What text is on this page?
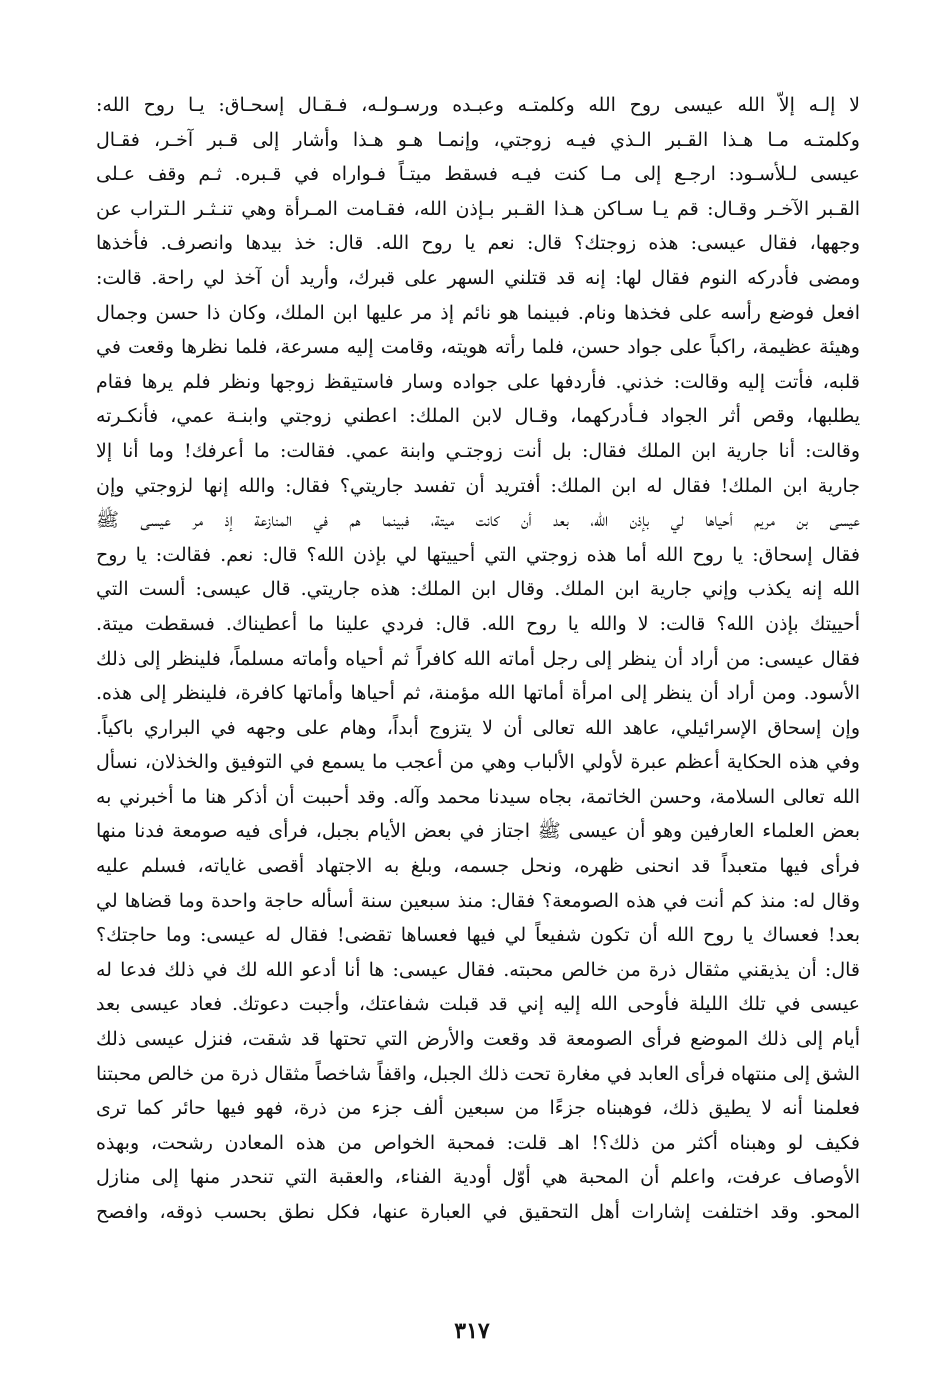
لا إلـه إلاّ الله عيسى روح الله وكلمتـه وعبـده ورسـولـه، فـقـال إسحـاق: يـا روح الله:
وكلمتـه مـا هـذا القـبر الـذي فيـه زوجتي، وإنمـا هـو هـذا وأشار إلى قـبر آخـر، فقـال
عيسى لـلأسـود: ارجـع إلى مـا كنت فيـه فسقط ميتـاً فـواراه في قـبره. ثـم وقف عـلى
القـبر الآخـر وقـال: قم يـا سـاكن هـذا القـبر بـإذن الله، فقـامت المـرأة وهي تنـثـر الـتراب عن
وجهها، فقال عيسى: هذه زوجتك؟ قال: نعم يا روح الله. قال: خذ بيدها وانصرف. فأخذها
ومضى فأدركه النوم فقال لها: إنه قد قتلني السهر على قبرك، وأريد أن آخذ لي راحة. قالت:
افعل فوضع رأسه على فخذها ونام. فبينما هو نائم إذ مر عليها ابن الملك، وكان ذا حسن وجمال
وهيئة عظيمة، راكباً على جواد حسن، فلما رأته هويته، وقامت إليه مسرعة، فلما نظرها وقعت في
قلبه، فأتت إليه وقالت: خذني. فأردفها على جواده وسار فاستيقظ زوجها ونظر فلم يرها فقام
يطلبها، وقص أثر الجواد فـأدركهما، وقـال لابن الملك: اعطني زوجتي وابنـة عمي، فأنكـرته
وقالت: أنا جارية ابن الملك فقال: بل أنت زوجتـي وابنة عمي. فقالت: ما أعرفك! وما أنا إلا
جارية ابن الملك! فقال له ابن الملك: أفتريد أن تفسد جاريتي؟ فقال: والله إنها لزوجتي وإن
عيسى بن مريم أحياها لي بإذن الله، بعد أن كانت ميتة، فبينما هم في المنازعة إذ مر عيسى ﷺ
فقال إسحاق: يا روح الله أما هذه زوجتي التي أحييتها لي بإذن الله؟ قال: نعم. فقالت: يا روح
الله إنه يكذب وإني جارية ابن الملك. وقال ابن الملك: هذه جاريتي. قال عيسى: ألست التي
أحييتك بإذن الله؟ قالت: لا والله يا روح الله. قال: فردي علينا ما أعطيناك. فسقطت ميتة.
فقال عيسى: من أراد أن ينظر إلى رجل أماته الله كافراً ثم أحياه وأماته مسلماً، فلينظر إلى ذلك
الأسود. ومن أراد أن ينظر إلى امرأة أماتها الله مؤمنة، ثم أحياها وأماتها كافرة، فلينظر إلى هذه.
وإن إسحاق الإسرائيلي، عاهد الله تعالى أن لا يتزوج أبداً، وهام على وجهه في البراري باكياً.
وفي هذه الحكاية أعظم عبرة لأولي الألباب وهي من أعجب ما يسمع في التوفيق والخذلان، نسأل
الله تعالى السلامة، وحسن الخاتمة، بجاه سيدنا محمد وآله. وقد أحببت أن أذكر هنا ما أخبرني به
بعض العلماء العارفين وهو أن عيسى ﷺ اجتاز في بعض الأيام بجبل، فرأى فيه صومعة فدنا منها
فرأى فيها متعبداً قد انحنى ظهره، ونحل جسمه، وبلغ به الاجتهاد أقصى غاياته، فسلم عليه
وقال له: منذ كم أنت في هذه الصومعة؟ فقال: منذ سبعين سنة أسأله حاجة واحدة وما قضاها لي
بعد! فعساك يا روح الله أن تكون شفيعاً لي فيها فعساها تقضى! فقال له عيسى: وما حاجتك؟
قال: أن يذيقني مثقال ذرة من خالص محبته. فقال عيسى: ها أنا أدعو الله لك في ذلك فدعا له
عيسى في تلك الليلة فأوحى الله إليه إني قد قبلت شفاعتك، وأجبت دعوتك. فعاد عيسى بعد
أيام إلى ذلك الموضع فرأى الصومعة قد وقعت والأرض التي تحتها قد شقت، فنزل عيسى ذلك
الشق إلى منتهاه فرأى العابد في مغارة تحت ذلك الجبل، واقفاً شاخصاً مثقال ذرة من خالص محبتنا
فعلمنا أنه لا يطيق ذلك، فوهبناه جزءًا من سبعين ألف جزء من ذرة، فهو فيها حائر كما ترى
فكيف لو وهبناه أكثر من ذلك؟! اهـ قلت: فمحبة الخواص من هذه المعادن رشحت، وبهذه
الأوصاف عرفت، واعلم أن المحبة هي أوّل أودية الفناء، والعقبة التي تنحدر منها إلى منازل
المحو. وقد اختلفت إشارات أهل التحقيق في العبارة عنها، فكل نطق بحسب ذوقه، وافصح
٣١٧
